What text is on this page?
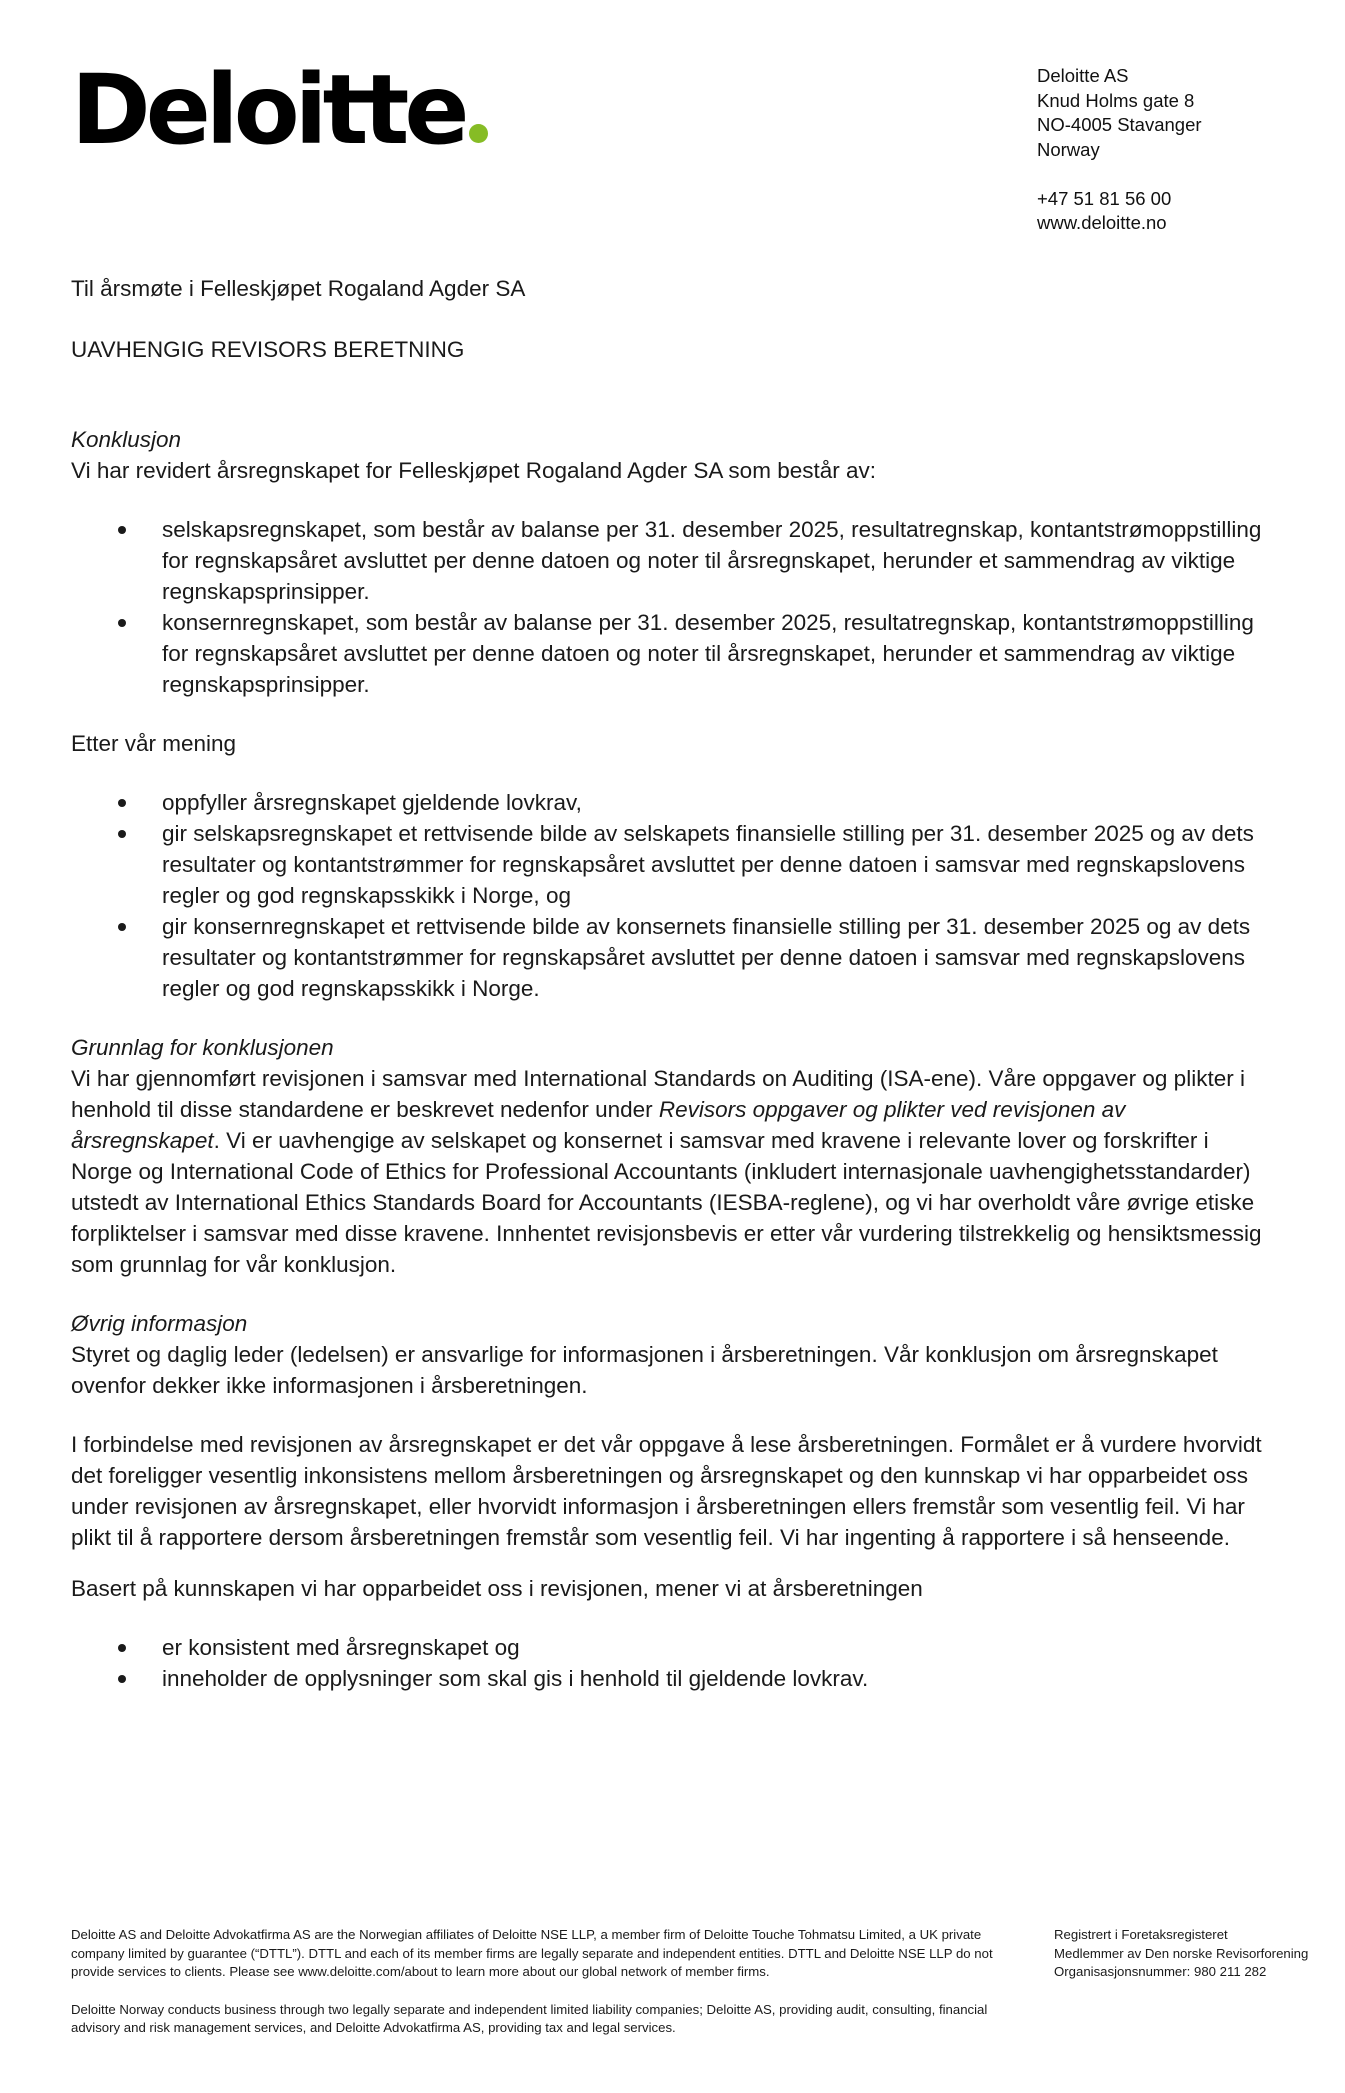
Deloitte	Deloitte AS
Knud Holms gate 8
NO-4005 Stavanger
Norway
+47 51 81 56 00
www.deloitte.no

Til årsmøte i Felleskjøpet Rogaland Agder SA

UAVHENGIG REVISORS BERETNING

Konklusjon

Vi har revidert årsregnskapet for Felleskjøpet Rogaland Agder SA som består av:

selskapsregnskapet, som består av balanse per 31. desember 2025, resultatregnskap, kontantstrømoppstilling for regnskapsåret avsluttet per denne datoen og noter til årsregnskapet, herunder et sammendrag av viktige regnskapsprinsipper.
konsernregnskapet, som består av balanse per 31. desember 2025, resultatregnskap, kontantstrømoppstilling for regnskapsåret avsluttet per denne datoen og noter til årsregnskapet, herunder et sammendrag av viktige regnskapsprinsipper.

Etter vår mening

oppfyller årsregnskapet gjeldende lovkrav,
gir selskapsregnskapet et rettvisende bilde av selskapets finansielle stilling per 31. desember 2025 og av dets resultater og kontantstrømmer for regnskapsåret avsluttet per denne datoen i samsvar med regnskapslovens regler og god regnskapsskikk i Norge, og
gir konsernregnskapet et rettvisende bilde av konsernets finansielle stilling per 31. desember 2025 og av dets resultater og kontantstrømmer for regnskapsåret avsluttet per denne datoen i samsvar med regnskapslovens regler og god regnskapsskikk i Norge.

Grunnlag for konklusjonen

Vi har gjennomført revisjonen i samsvar med International Standards on Auditing (ISA-ene). Våre oppgaver og plikter i henhold til disse standardene er beskrevet nedenfor under Revisors oppgaver og plikter ved revisjonen av årsregnskapet. Vi er uavhengige av selskapet og konsernet i samsvar med kravene i relevante lover og forskrifter i Norge og International Code of Ethics for Professional Accountants (inkludert internasjonale uavhengighetsstandarder) utstedt av International Ethics Standards Board for Accountants (IESBA-reglene), og vi har overholdt våre øvrige etiske forpliktelser i samsvar med disse kravene. Innhentet revisjonsbevis er etter vår vurdering tilstrekkelig og hensiktsmessig som grunnlag for vår konklusjon.

Øvrig informasjon

Styret og daglig leder (ledelsen) er ansvarlige for informasjonen i årsberetningen. Vår konklusjon om årsregnskapet ovenfor dekker ikke informasjonen i årsberetningen.

I forbindelse med revisjonen av årsregnskapet er det vår oppgave å lese årsberetningen. Formålet er å vurdere hvorvidt det foreligger vesentlig inkonsistens mellom årsberetningen og årsregnskapet og den kunnskap vi har opparbeidet oss under revisjonen av årsregnskapet, eller hvorvidt informasjon i årsberetningen ellers fremstår som vesentlig feil. Vi har plikt til å rapportere dersom årsberetningen fremstår som vesentlig feil. Vi har ingenting å rapportere i så henseende.

Basert på kunnskapen vi har opparbeidet oss i revisjonen, mener vi at årsberetningen

er konsistent med årsregnskapet og
inneholder de opplysninger som skal gis i henhold til gjeldende lovkrav.
Deloitte AS and Deloitte Advokatfirma AS are the Norwegian affiliates of Deloitte NSE LLP, a member firm of Deloitte Touche Tohmatsu Limited, a UK private company limited by guarantee (“DTTL”). DTTL and each of its member firms are legally separate and independent entities. DTTL and Deloitte NSE LLP do not provide services to clients. Please see www.deloitte.com/about to learn more about our global network of member firms.
Registrert i Foretaksregisteret
Medlemmer av Den norske Revisorforening
Organisasjonsnummer: 980 211 282
Deloitte Norway conducts business through two legally separate and independent limited liability companies; Deloitte AS, providing audit, consulting, financial advisory and risk management services, and Deloitte Advokatfirma AS, providing tax and legal services.
